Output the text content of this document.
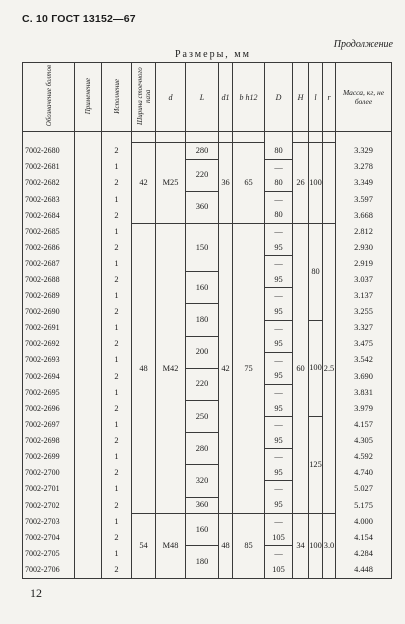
С. 10 ГОСТ 13152—67
Продолжение
Размеры, мм
Обозначение болтов	Применение	Исполнение	Ширина стоечного паза	d	L	d1	b h12	D	H	l	r	Масса, кг, не более

7002-2680		2	42	M25	280	36	65	80	26	100		3.329
7002-2681		1			220			—				3.278
7002-2682		2						80				3.349
7002-2683		1			360			—				3.597
7002-2684		2						80				3.668
7002-2685		1	48	M42	150	42	75	—	60	80	2.5	2.812
7002-2686		2						95				2.930
7002-2687		1						—				2.919
7002-2688		2			160			95				3.037
7002-2689		1						—				3.137
7002-2690		2			180			95				3.255
7002-2691		1						—		100		3.327
7002-2692		2			200			95				3.475
7002-2693		1						—				3.542
7002-2694		2			220			95				3.690
7002-2695		1						—				3.831
7002-2696		2			250			95				3.979
7002-2697		1						—		125		4.157
7002-2698		2			280			95				4.305
7002-2699		1						—				4.592
7002-2700		2			320			95				4.740
7002-2701		1						—				5.027
7002-2702		2			360			95				5.175
7002-2703		1	54	M48	160	48	85	—	34	100	3.0	4.000
7002-2704		2						105				4.154
7002-2705		1			180			—				4.284
7002-2706		2						105				4.448
12
